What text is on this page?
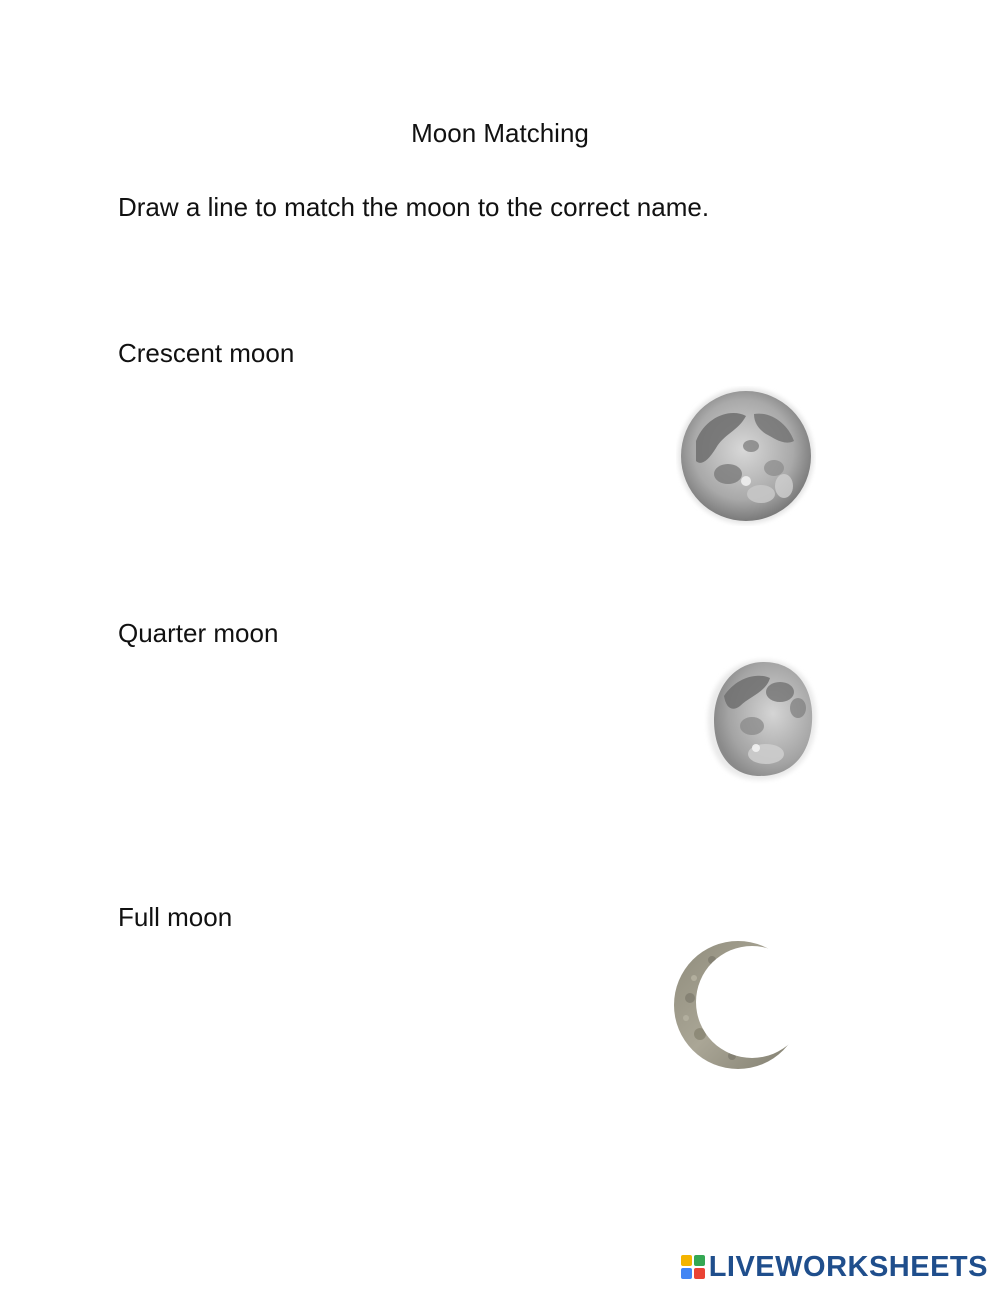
Moon Matching
Draw a line to match the moon to the correct name.
Crescent moon
Quarter moon
Full moon
LIVEWORKSHEETS
